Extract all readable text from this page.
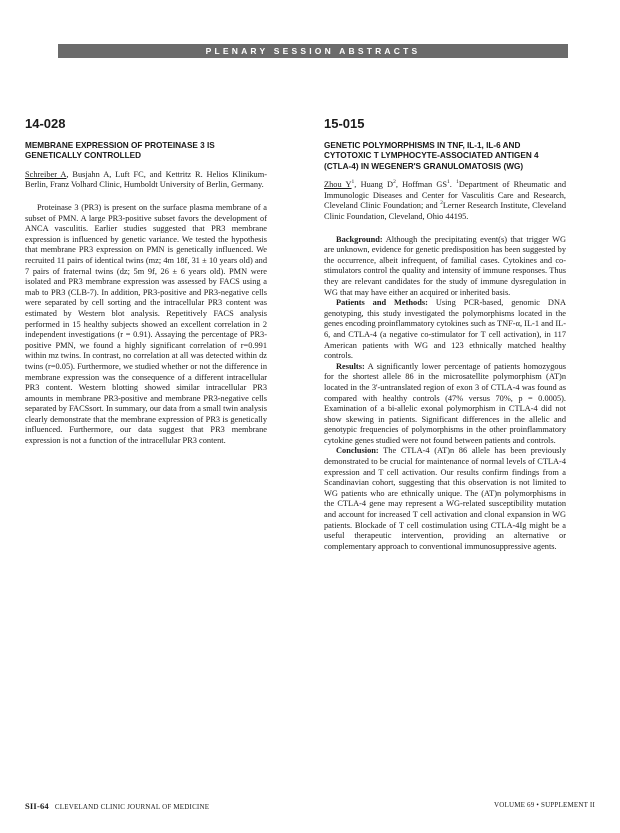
PLENARY SESSION ABSTRACTS
14-028
MEMBRANE EXPRESSION OF PROTEINASE 3 IS GENETICALLY CONTROLLED

Schreiber A, Busjahn A, Luft FC, and Kettritz R. Helios Klinikum-Berlin, Franz Volhard Clinic, Humboldt University of Berlin, Germany.

Proteinase 3 (PR3) is present on the surface plasma membrane of a subset of PMN. A large PR3-positive subset favors the development of ANCA vasculitis. Earlier studies suggested that PR3 membrane expression is influenced by genetic variance. We tested the hypothesis that membrane PR3 expression on PMN is genetically influenced. We recruited 11 pairs of identical twins (mz; 4m 18f, 31 ± 10 years old) and 7 pairs of fraternal twins (dz; 5m 9f, 26 ± 6 years old). PMN were isolated and PR3 membrane expression was assessed by FACS using a mab to PR3 (CLB-7). In addition, PR3-positive and PR3-negative cells were separated by cell sorting and the intracellular PR3 content was estimated by Western blot analysis. Repetitively FACS analysis performed in 15 healthy subjects showed an excellent correlation in 2 independent investigations (r = 0.91). Assaying the percentage of PR3-positive PMN, we found a highly significant correlation of r=0.991 within mz twins. In contrast, no correlation at all was detected within dz twins (r=0.05). Furthermore, we studied whether or not the difference in membrane expression was the consequence of a different intracellular PR3 content. Western blotting showed similar intracellular PR3 amounts in membrane PR3-positive and membrane PR3-negative cells separated by FACSsort. In summary, our data from a small twin analysis clearly demonstrate that the membrane expression of PR3 is genetically influenced. Furthermore, our data suggest that PR3 membrane expression is not a function of the intracellular PR3 content.

15-015
GENETIC POLYMORPHISMS IN TNF, IL-1, IL-6 AND CYTOTOXIC T LYMPHOCYTE-ASSOCIATED ANTIGEN 4 (CTLA-4) IN WEGENER'S GRANULOMATOSIS (WG)

Zhou $Y^1$, Huang $D^2$, Hoffman $GS^1$. $^1$Department of Rheumatic and Immunologic Diseases and Center for Vasculitis Care and Research, Cleveland Clinic Foundation; and $^2$Lerner Research Institute, Cleveland Clinic Foundation, Cleveland, Ohio 44195.

Background: Although the precipitating event(s) that trigger WG are unknown, evidence for genetic predisposition has been suggested by the occurrence, albeit infrequent, of familial cases. Cytokines and co-stimulators control the quality and intensity of immune responses. Thus they are relevant candidates for the study of immune dysregulation in WG that may have either an acquired or inherited basis.

Patients and Methods: Using PCR-based, genomic DNA genotyping, this study investigated the polymorphisms located in the genes encoding proinflammatory cytokines such as TNF-α, IL-1 and IL-6, and CTLA-4 (a negative co-stimulator for T cell activation), in 117 American patients with WG and 123 ethnically matched healthy controls.

Results: A significantly lower percentage of patients homozygous for the shortest allele 86 in the microsatellite polymorphism (AT)n located in the 3'-untranslated region of exon 3 of CTLA-4 was found as compared with healthy controls (47% versus 70%, p = 0.0005). Examination of a bi-allelic exonal polymorphism in CTLA-4 did not show skewing in patients. Significant differences in the allelic and genotypic frequencies of polymorphisms in the other proinflammatory cytokine genes studied were not found between patients and controls.

Conclusion: The CTLA-4 (AT)n 86 allele has been previously demonstrated to be crucial for maintenance of normal levels of CTLA-4 expression and T cell activation. Our results confirm findings from a Scandinavian cohort, suggesting that this observation is not limited to WG patients who are ethnically unique. The (AT)n polymorphisms in the CTLA-4 gene may represent a WG-related susceptibility mutation and account for increased T cell activation and clonal expansion in WG patients. Blockade of T cell costimulation using CTLA-4Ig might be a useful therapeutic intervention, providing an alternative or complementary approach to conventional immunosuppressive agents.

SII-64 CLEVELAND CLINIC JOURNAL OF MEDICINE	VOLUME 69 • SUPPLEMENT II
